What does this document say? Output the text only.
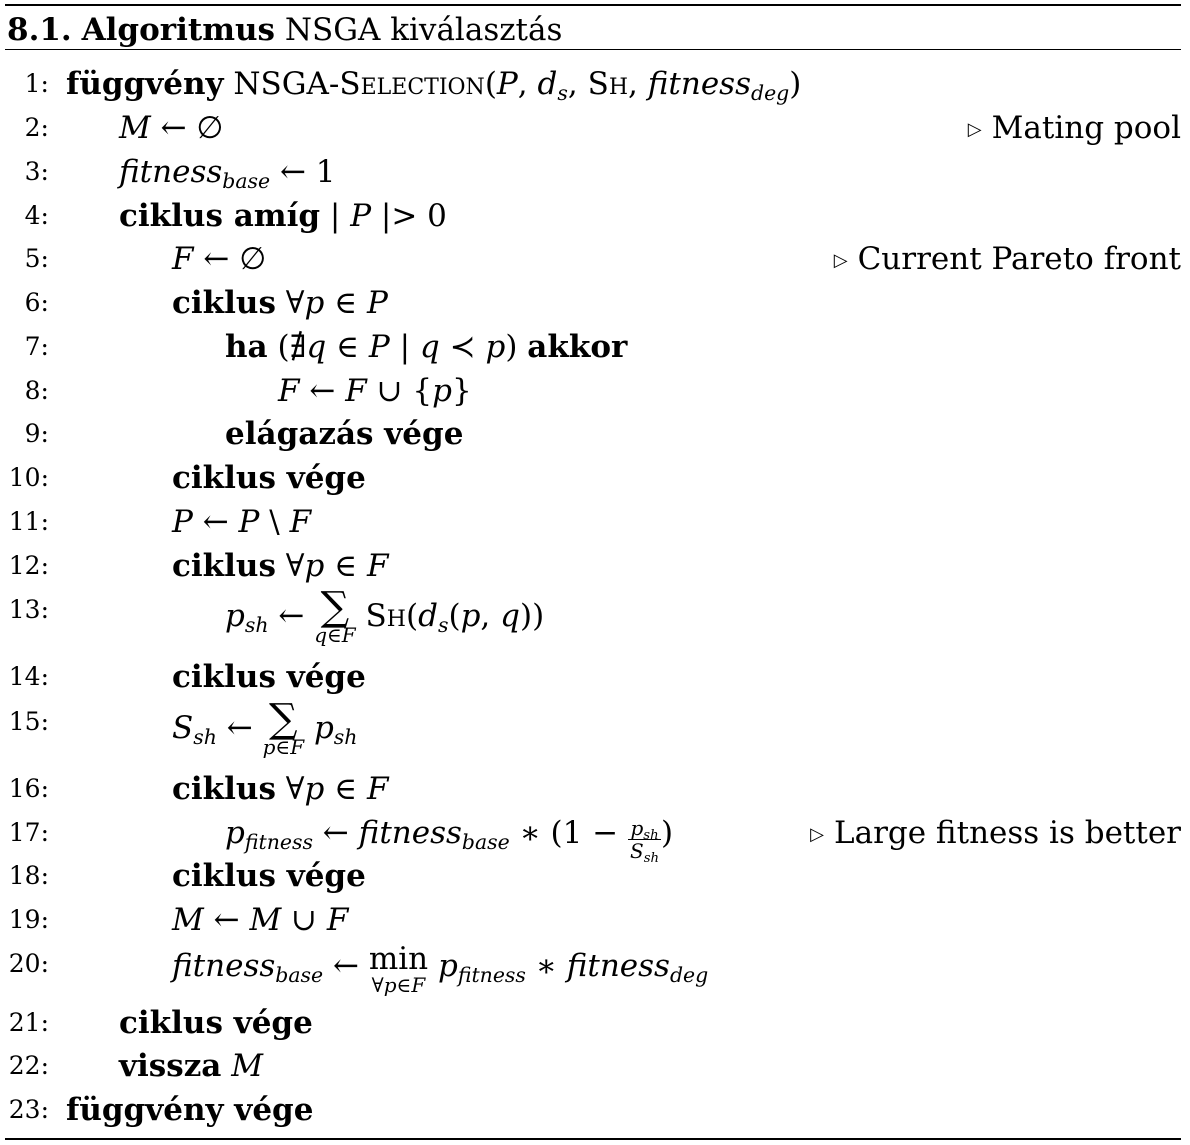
8.1. Algoritmus NSGA kiválasztás
1: függvény NSGA-Selection(P, $d_s$, Sh, fitness$_{deg}$)
2: M ← ∅	▷ Mating pool
3: fitness$_{base}$ ← 1
4: ciklus amíg | P |> 0
5:	F ← ∅	▷ Current Pareto front
6:	ciklus ∀p ∈ P
7:	ha (∄q ∈ P | q ≺ p) akkor
8:	F ← F ∪ {p}
9:	elágazás vége
10:	ciklus vége
11:	P ← P \ F
12:	ciklus ∀p ∈ F
13:	$p_{sh}$ ← ∑
q∈F
$Sh(d_s(p$, q))
14:	ciklus vége
15:	$S_{sh}$ ← ∑
p∈F
$p_{sh}$
16:	ciklus ∀p ∈ F
17:	$p_{fitness}$ ← fitness$_{base}$ ∗ ($1 - \frac{p_{sh}}{S_{sh}}$ )	▷ Large fitness is better
18:	ciklus vége
19:	M ← M ∪ F
20:	fitness$_{base}$ ← min
∀p∈F
$p_{fitness}$ ∗ fitness$_{deg}$
21: ciklus vége
22: vissza M
23: függvény vége
